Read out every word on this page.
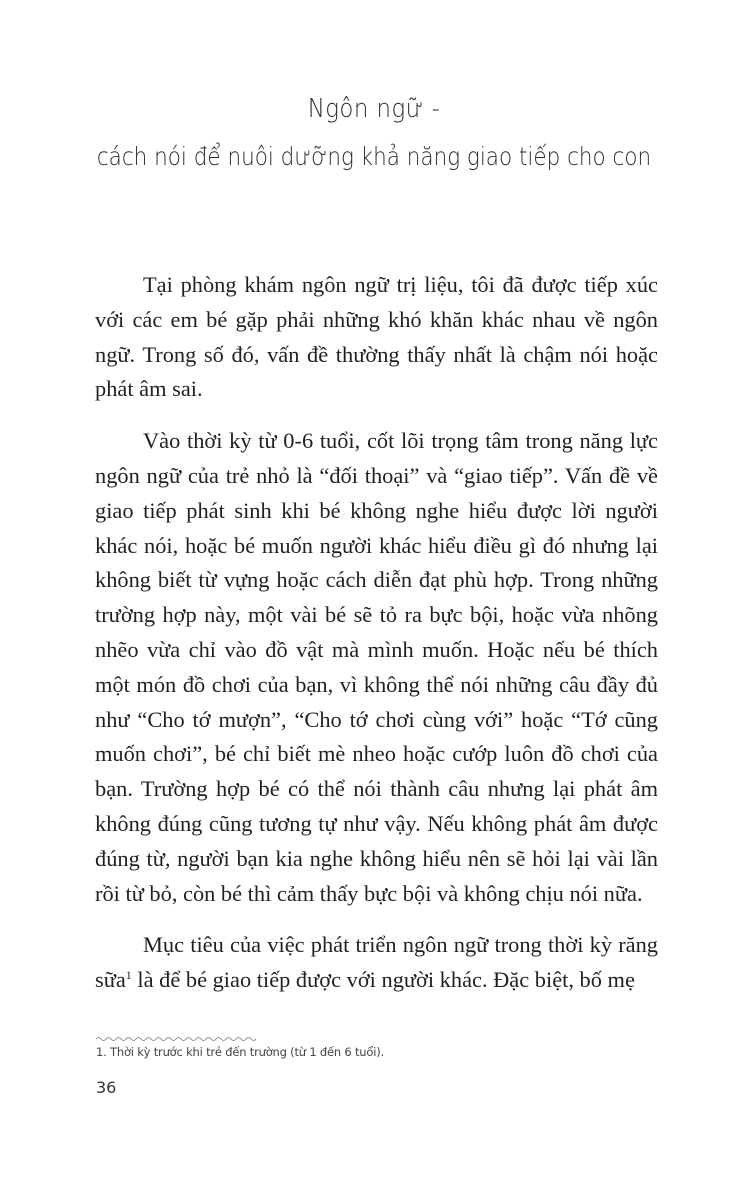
Ngôn ngữ -
cách nói để nuôi dưỡng khả năng giao tiếp cho con

Tại phòng khám ngôn ngữ trị liệu, tôi đã được tiếp xúc với các em bé gặp phải những khó khăn khác nhau về ngôn ngữ. Trong số đó, vấn đề thường thấy nhất là chậm nói hoặc phát âm sai.

Vào thời kỳ từ 0-6 tuổi, cốt lõi trọng tâm trong năng lực ngôn ngữ của trẻ nhỏ là “đối thoại” và “giao tiếp”. Vấn đề về giao tiếp phát sinh khi bé không nghe hiểu được lời người khác nói, hoặc bé muốn người khác hiểu điều gì đó nhưng lại không biết từ vựng hoặc cách diễn đạt phù hợp. Trong những trường hợp này, một vài bé sẽ tỏ ra bực bội, hoặc vừa nhõng nhẽo vừa chỉ vào đồ vật mà mình muốn. Hoặc nếu bé thích một món đồ chơi của bạn, vì không thể nói những câu đầy đủ như “Cho tớ mượn”, “Cho tớ chơi cùng với” hoặc “Tớ cũng muốn chơi”, bé chỉ biết mè nheo hoặc cướp luôn đồ chơi của bạn. Trường hợp bé có thể nói thành câu nhưng lại phát âm không đúng cũng tương tự như vậy. Nếu không phát âm được đúng từ, người bạn kia nghe không hiểu nên sẽ hỏi lại vài lần rồi từ bỏ, còn bé thì cảm thấy bực bội và không chịu nói nữa.

Mục tiêu của việc phát triển ngôn ngữ trong thời kỳ răng sữa$^1$ là để bé giao tiếp được với người khác. Đặc biệt, bố mẹ

1. Thời kỳ trước khi trẻ đến trường (từ 1 đến 6 tuổi).
36
